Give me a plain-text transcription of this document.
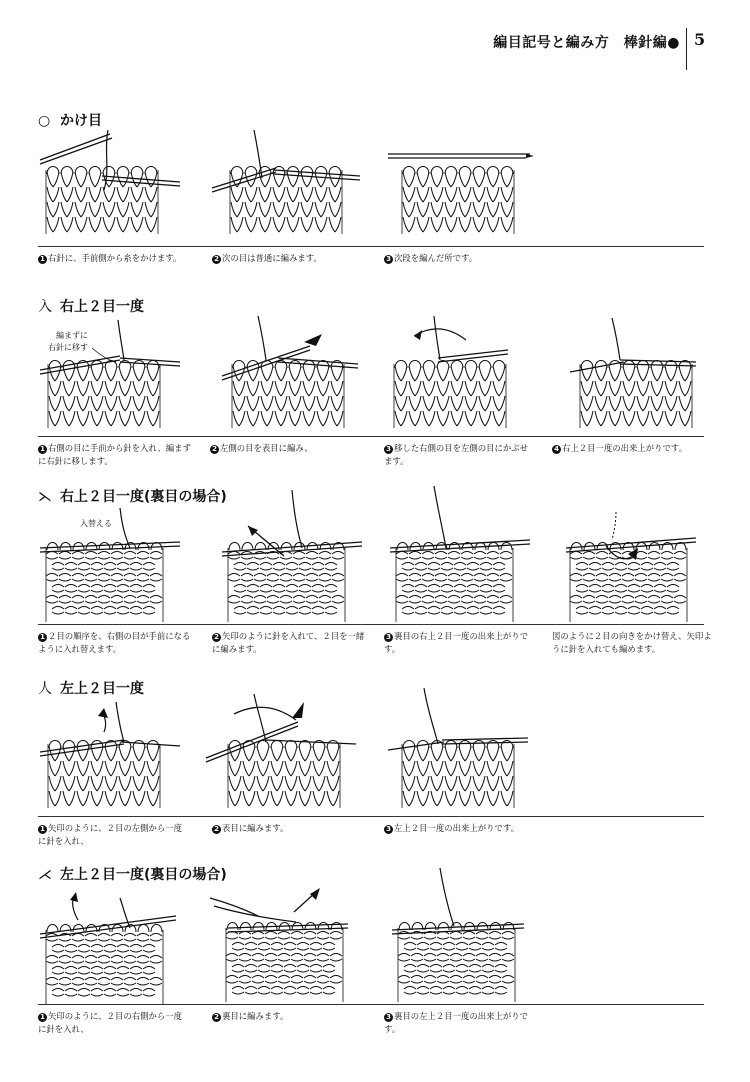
編目記号と編み方　棒針編● 5
○ かけ目
1 右針に、手前側から糸をかけます。	2 次の目は普通に編みます。	3 次段を編んだ所です。
入 右上２目一度
編まずに
右針に移す
1 右側の目に手前から針を入れ、編まずに右針に移します。
2 左側の目を表目に編み、	3 移した右側の目を左側の目にかぶせます。
4 右上２目一度の出来上がりです。
⋋ 右上２目一度(裏目の場合)
入替える
1 ２目の順序を、右側の目が手前になるように入れ替えます。
2 矢印のように針を入れて、２目を一緒に編みます。
3 裏目の右上２目一度の出来上がりです。
図のように２目の向きをかけ替え、矢印ように針を入れても編めます。
人 左上２目一度
1 矢印のように、２目の左側から一度に針を入れ、
2 表目に編みます。	3 左上２目一度の出来上がりです。
⋌ 左上２目一度(裏目の場合)
1 矢印のように、２目の右側から一度に針を入れ、
2 裏目に編みます。	3 裏目の左上２目一度の出来上がりです。
